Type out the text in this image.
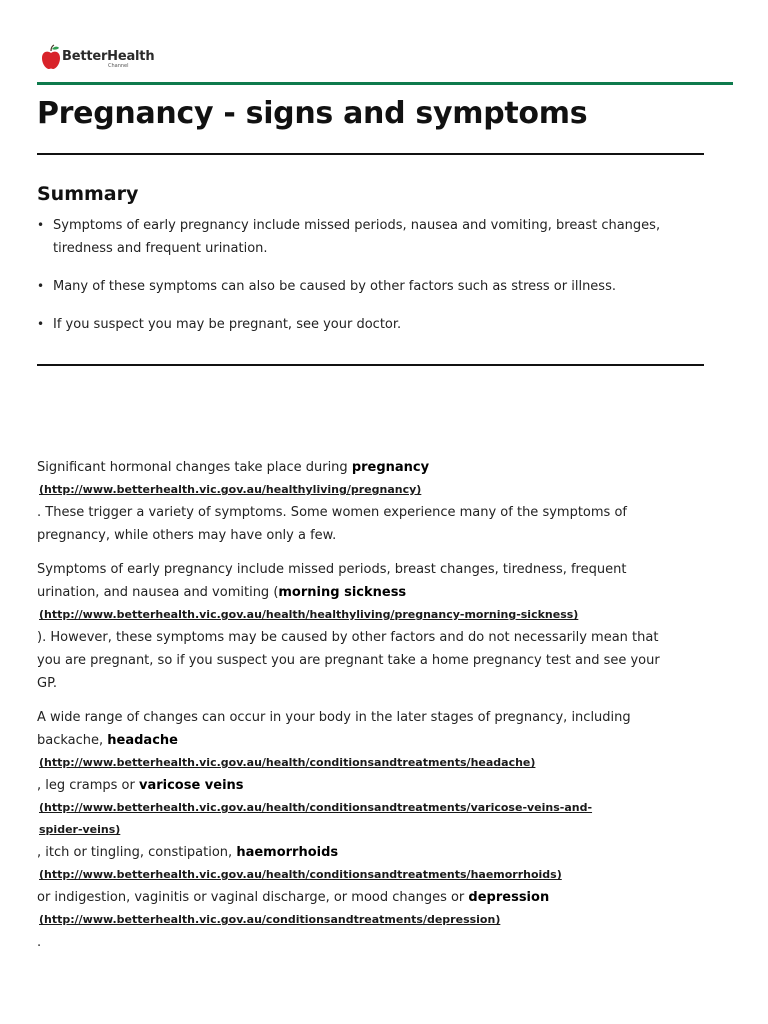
BetterHealth
Channel
Pregnancy - signs and symptoms
Summary
• Symptoms of early pregnancy include missed periods, nausea and vomiting, breast changes, tiredness and frequent urination.
• Many of these symptoms can also be caused by other factors such as stress or illness.
• If you suspect you may be pregnant, see your doctor.

Significant hormonal changes take place during pregnancy
(http://www.betterhealth.vic.gov.au/healthyliving/pregnancy)
. These trigger a variety of symptoms. Some women experience many of the symptoms of pregnancy, while others may have only a few.

Symptoms of early pregnancy include missed periods, breast changes, tiredness, frequent urination, and nausea and vomiting (morning sickness
(http://www.betterhealth.vic.gov.au/health/healthyliving/pregnancy-morning-sickness)
). However, these symptoms may be caused by other factors and do not necessarily mean that you are pregnant, so if you suspect you are pregnant take a home pregnancy test and see your GP.

A wide range of changes can occur in your body in the later stages of pregnancy, including backache, headache
(http://www.betterhealth.vic.gov.au/health/conditionsandtreatments/headache)
, leg cramps or varicose veins
(http://www.betterhealth.vic.gov.au/health/conditionsandtreatments/varicose-veins-and-
spider-veins)
, itch or tingling, constipation, haemorrhoids
(http://www.betterhealth.vic.gov.au/health/conditionsandtreatments/haemorrhoids)
or indigestion, vaginitis or vaginal discharge, or mood changes or depression
(http://www.betterhealth.vic.gov.au/conditionsandtreatments/depression)
.
